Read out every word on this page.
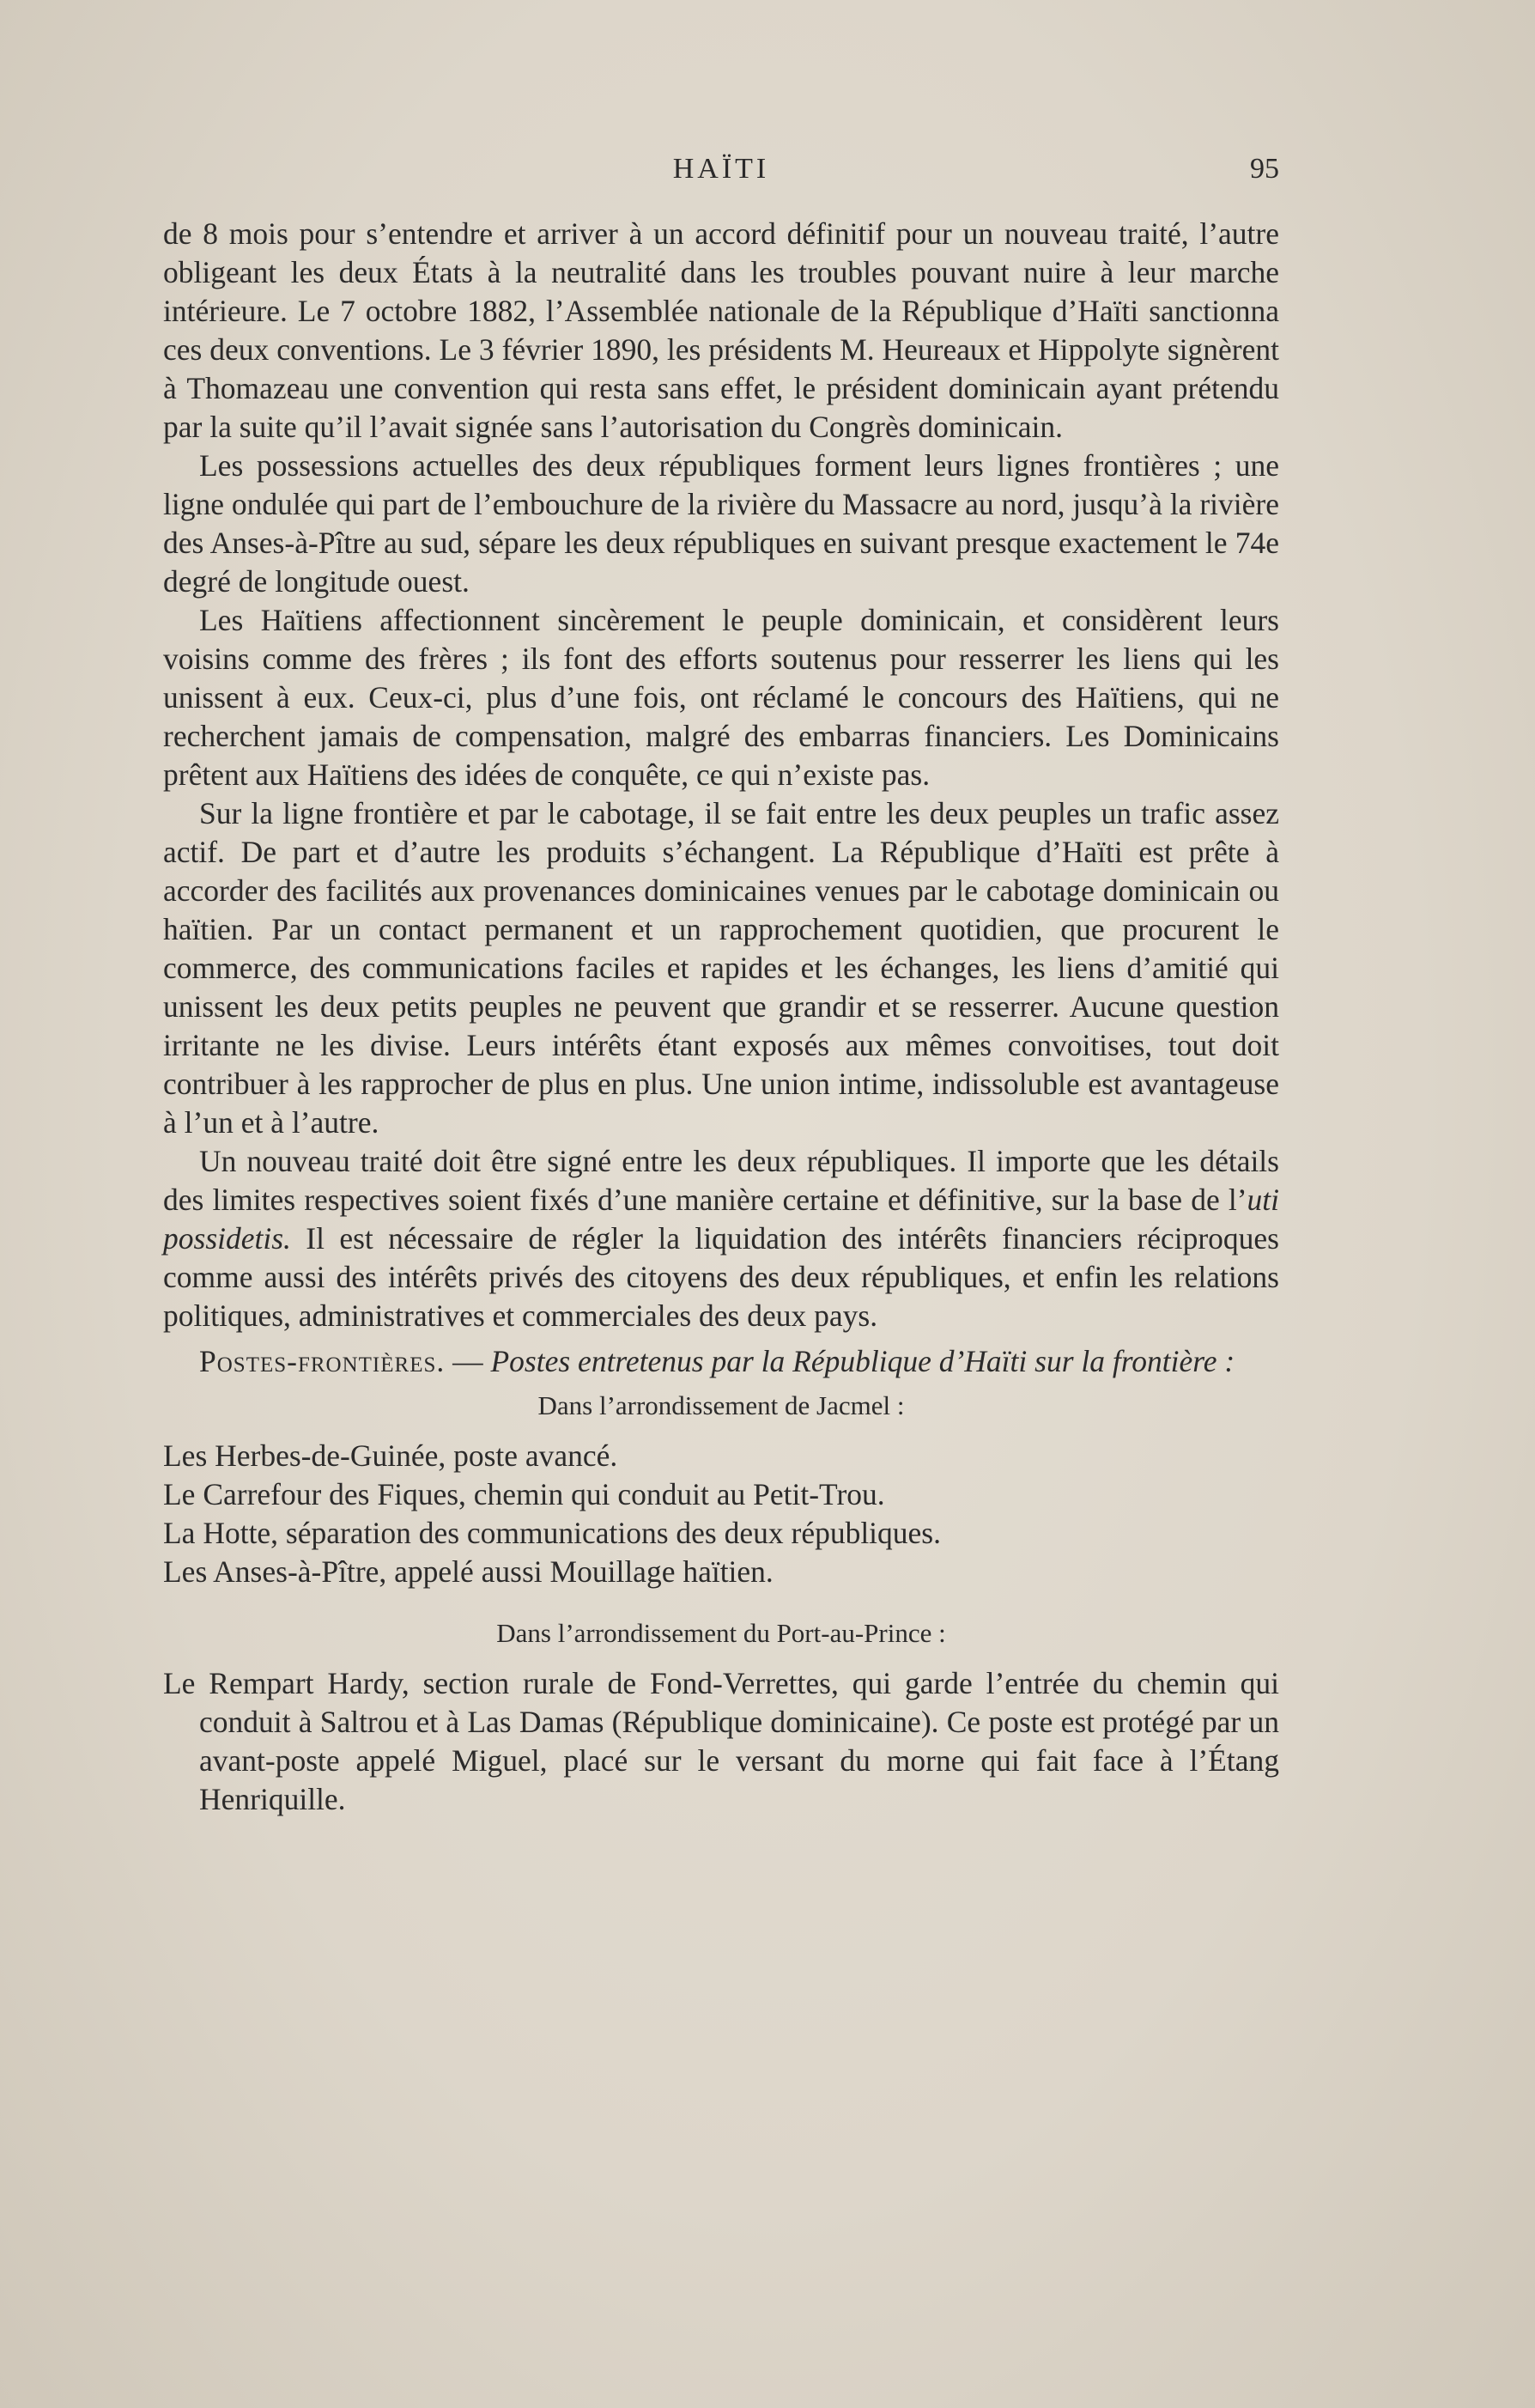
HAÏTI	95

de 8 mois pour s’entendre et arriver à un accord définitif pour un nouveau traité, l’autre obligeant les deux États à la neutralité dans les troubles pouvant nuire à leur marche intérieure. Le 7 octobre 1882, l’Assemblée nationale de la République d’Haïti sanctionna ces deux conventions. Le 3 février 1890, les présidents M. Heureaux et Hippolyte signèrent à Thomazeau une convention qui resta sans effet, le président dominicain ayant prétendu par la suite qu’il l’avait signée sans l’autorisation du Congrès dominicain.

Les possessions actuelles des deux républiques forment leurs lignes frontières ; une ligne ondulée qui part de l’embouchure de la rivière du Massacre au nord, jusqu’à la rivière des Anses-à-Pître au sud, sépare les deux républiques en suivant presque exactement le 74e degré de longitude ouest.

Les Haïtiens affectionnent sincèrement le peuple dominicain, et considèrent leurs voisins comme des frères ; ils font des efforts soutenus pour resserrer les liens qui les unissent à eux. Ceux-ci, plus d’une fois, ont réclamé le concours des Haïtiens, qui ne recherchent jamais de compensation, malgré des embarras financiers. Les Dominicains prêtent aux Haïtiens des idées de conquête, ce qui n’existe pas.

Sur la ligne frontière et par le cabotage, il se fait entre les deux peuples un trafic assez actif. De part et d’autre les produits s’échangent. La République d’Haïti est prête à accorder des facilités aux provenances dominicaines venues par le cabotage dominicain ou haïtien. Par un contact permanent et un rapprochement quotidien, que procurent le commerce, des communications faciles et rapides et les échanges, les liens d’amitié qui unissent les deux petits peuples ne peuvent que grandir et se resserrer. Aucune question irritante ne les divise. Leurs intérêts étant exposés aux mêmes convoitises, tout doit contribuer à les rapprocher de plus en plus. Une union intime, indissoluble est avantageuse à l’un et à l’autre.

Un nouveau traité doit être signé entre les deux républiques. Il importe que les détails des limites respectives soient fixés d’une manière certaine et définitive, sur la base de l’uti possidetis. Il est nécessaire de régler la liquidation des intérêts financiers réciproques comme aussi des intérêts privés des citoyens des deux républiques, et enfin les relations politiques, administratives et commerciales des deux pays.

Postes-frontières. — Postes entretenus par la République d’Haïti sur la frontière :

Dans l’arrondissement de Jacmel :

Les Herbes-de-Guinée, poste avancé.

Le Carrefour des Fiques, chemin qui conduit au Petit-Trou.

La Hotte, séparation des communications des deux républiques.

Les Anses-à-Pître, appelé aussi Mouillage haïtien.

Dans l’arrondissement du Port-au-Prince :

Le Rempart Hardy, section rurale de Fond-Verrettes, qui garde l’entrée du chemin qui conduit à Saltrou et à Las Damas (République dominicaine). Ce poste est protégé par un avant-poste appelé Miguel, placé sur le versant du morne qui fait face à l’Étang Henriquille.
